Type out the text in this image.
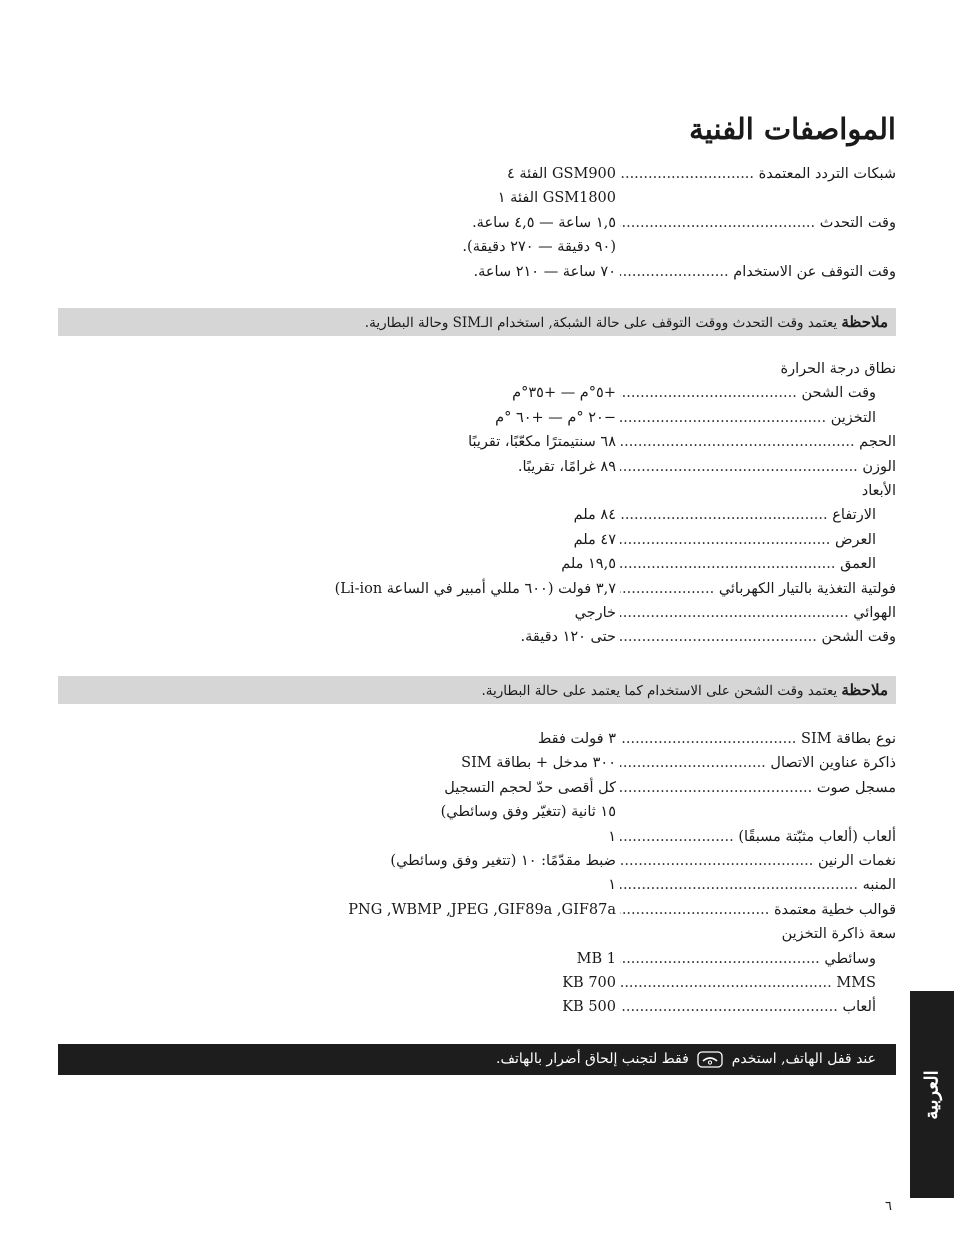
المواصفات الفنية
شبكات التردد المعتمدة .....
GSM900 الفئة ٤
GSM1800 الفئة ١
وقت التحدث .....
١,٥ ساعة — ٤,٥ ساعة.
(٩٠ دقيقة — ٢٧٠ دقيقة).
وقت التوقف عن الاستخدام .....
٧٠ ساعة — ٢١٠ ساعة.
ملاحظة يعتمد وقت التحدث ووقت التوقف على حالة الشبكة, استخدام الـSIM وحالة البطارية.
نطاق درجة الحرارة
وقت الشحن .....
+٥°م — +٣٥°م
التخزين .....
−٢٠ °م — +٦٠ °م
الحجم .....
٦٨ سنتيمترًا مكعّبًا، تقريبًا
الوزن .....
٨٩ غرامًا، تقريبًا.
الأبعاد
الارتفاع .....
٨٤ ملم
العرض .....
٤٧ ملم
العمق .....
١٩,٥ ملم
فولتية التغذية بالتيار الكهربائي .....
٣,٧ فولت (٦٠٠ مللي أمبير في الساعة Li-ion)
الهوائي .....
خارجي
وقت الشحن .....
حتى ١٢٠ دقيقة.
ملاحظة يعتمد وقت الشحن على الاستخدام كما يعتمد على حالة البطارية.
نوع بطاقة SIM .....
٣ فولت فقط
ذاكرة عناوين الاتصال .....
٣٠٠ مدخل + بطاقة SIM
مسجل صوت .....
كل أقصى حدّ لحجم التسجيل
١٥ ثانية (تتغيّر وفق وسائطي)
ألعاب (ألعاب مثبّتة مسبقًا) .....
١
نغمات الرنين .....
ضبط مقدّمًا: ١٠ (تتغير وفق وسائطي)
المنبه .....
١
قوالب خطية معتمدة .....
PNG ,WBMP ,JPEG ,GIF89a ,GIF87a
سعة ذاكرة التخزين
وسائطي .....
1 MB
MMS .....
700 KB
ألعاب .....
500 KB
عند قفل الهاتف, استخدم  فقط لتجنب إلحاق أضرار بالهاتف.
العربية
٦
